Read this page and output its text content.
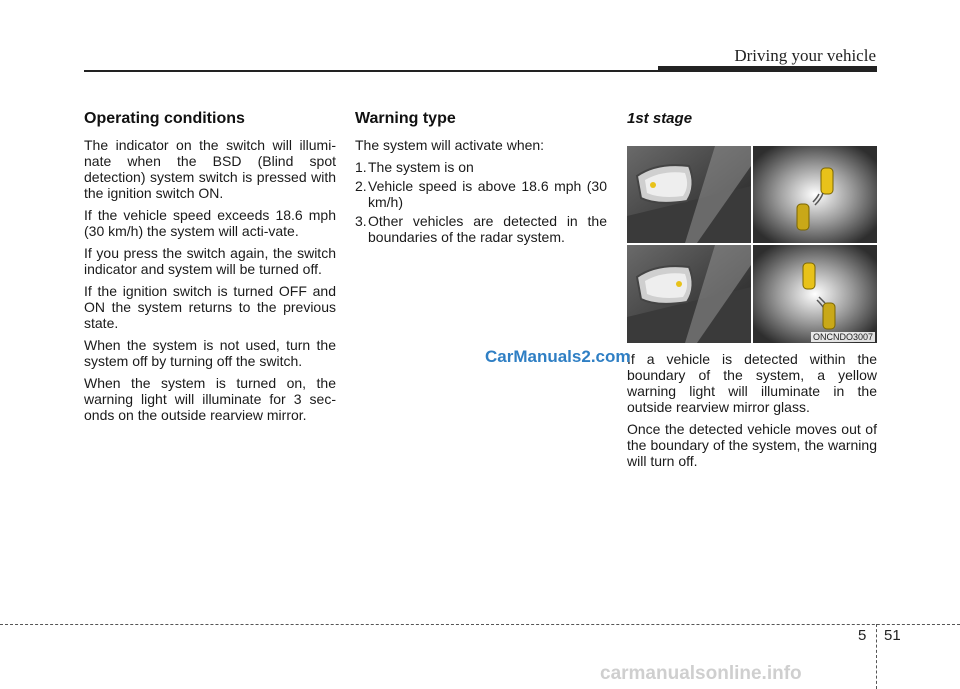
Driving your vehicle
Operating conditions

The indicator on the switch will illumi-nate when the BSD (Blind spot detection) system switch is pressed with the ignition switch ON.

If the vehicle speed exceeds 18.6 mph (30 km/h) the system will acti-vate.

If you press the switch again, the switch indicator and system will be turned off.

If the ignition switch is turned OFF and ON the system returns to the previous state.

When the system is not used, turn the system off by turning off the switch.

When the system is turned on, the warning light will illuminate for 3 sec-onds on the outside rearview mirror.

Warning type

The system will activate when:

1. The system is on
2. Vehicle speed is above 18.6 mph (30 km/h)
3. Other vehicles are detected in the boundaries of the radar system.
1st stage
ONCNDO3007

If a vehicle is detected within the boundary of the system, a yellow warning light will illuminate in the outside rearview mirror glass.

Once the detected vehicle moves out of the boundary of the system, the warning will turn off.

CarManuals2.com
5 51
carmanualsonline.info
